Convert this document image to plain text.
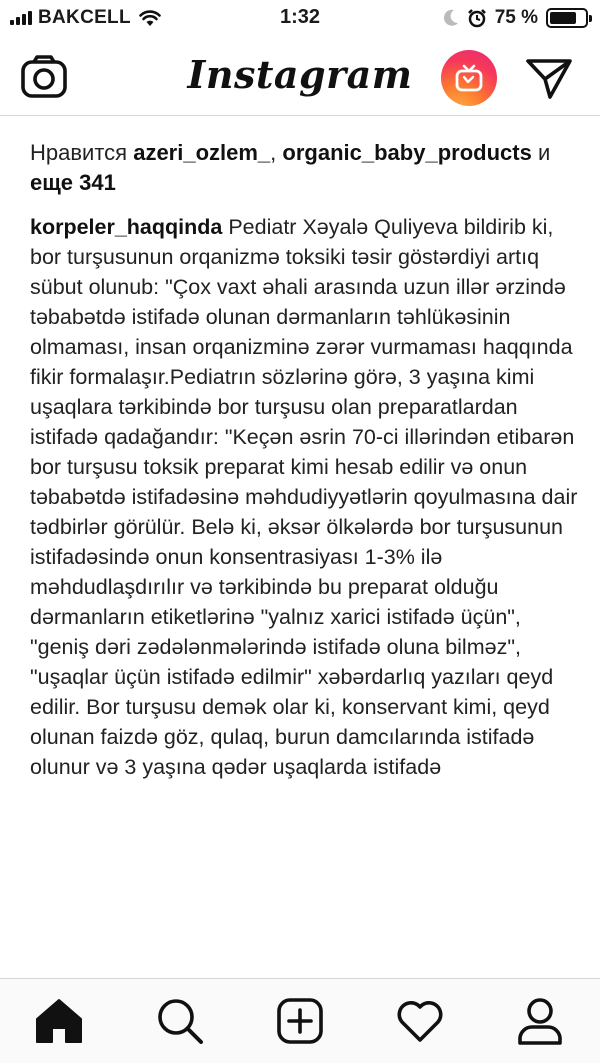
BAKCELL	1:32	75 %
Instagram
Нравится azeri_ozlem_, organic_baby_products и еще 341
korpeler_haqqinda Pediatr Xəyalə Quliyeva bildirib ki, bor turşusunun orqanizmə toksiki təsir göstərdiyi artıq sübut olunub: "Çox vaxt əhali arasında uzun illər ərzində təbabətdə istifadə olunan dərmanların təhlükəsinin olmaması, insan orqanizminə zərər vurmaması haqqında fikir formalaşır.Pediatrın sözlərinə görə, 3 yaşına kimi uşaqlara tərkibində bor turşusu olan preparatlardan istifadə qadağandır: "Keçən əsrin 70-ci illərindən etibarən bor turşusu toksik preparat kimi hesab edilir və onun təbabətdə istifadəsinə məhdudiyyətlərin qoyulmasına dair tədbirlər görülür. Belə ki, əksər ölkələrdə bor turşusunun istifadəsində onun konsentrasiyası 1-3% ilə məhdudlaşdırılır və tərkibində bu preparat olduğu dərmanların etiketlərinə "yalnız xarici istifadə üçün", "geniş dəri zədələnmələrində istifadə oluna bilməz", "uşaqlar üçün istifadə edilmir" xəbərdarlıq yazıları qeyd edilir. Bor turşusu demək olar ki, konservant kimi, qeyd olunan faizdə göz, qulaq, burun damcılarında istifadə olunur və 3 yaşına qədər uşaqlarda istifadə
